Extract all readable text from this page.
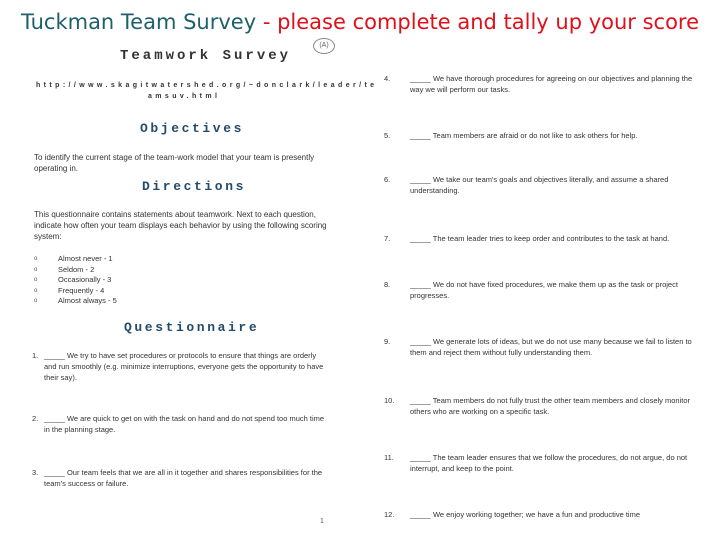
Tuckman Team Survey - please complete and tally up your score
(A)
Teamwork Survey
http://www.skagitwatershed.org/~donclark/leader/te
amsuv.html
Objectives
To identify the current stage of the team-work model that your team is presently operating in.
Directions
This questionnaire contains statements about teamwork. Next to each question, indicate how often your team displays each behavior by using the following scoring system:
o	Almost never - 1
o	Seldom - 2
o	Occasionally - 3
o	Frequently - 4
o	Almost always - 5
Questionnaire
1. _____ We try to have set procedures or protocols to ensure that things are orderly and run smoothly (e.g. minimize interruptions, everyone gets the opportunity to have their say).
2. _____ We are quick to get on with the task on hand and do not spend too much time in the planning stage.
3. _____ Our team feels that we are all in it together and shares responsibilities for the team's success or failure.
4.	_____ We have thorough procedures for agreeing on our objectives and planning the way we will perform our tasks.
5.	_____ Team members are afraid or do not like to ask others for help.
6.	_____ We take our team's goals and objectives literally, and assume a shared understanding.
7.	_____ The team leader tries to keep order and contributes to the task at hand.
8.	_____ We do not have fixed procedures, we make them up as the task or project progresses.
9.	_____ We generate lots of ideas, but we do not use many because we fail to listen to them and reject them without fully understanding them.
10. _____ Team members do not fully trust the other team members and closely monitor others who are working on a specific task.
11. _____ The team leader ensures that we follow the procedures, do not argue, do not interrupt, and keep to the point.
12. _____ We enjoy working together; we have a fun and productive time
1
